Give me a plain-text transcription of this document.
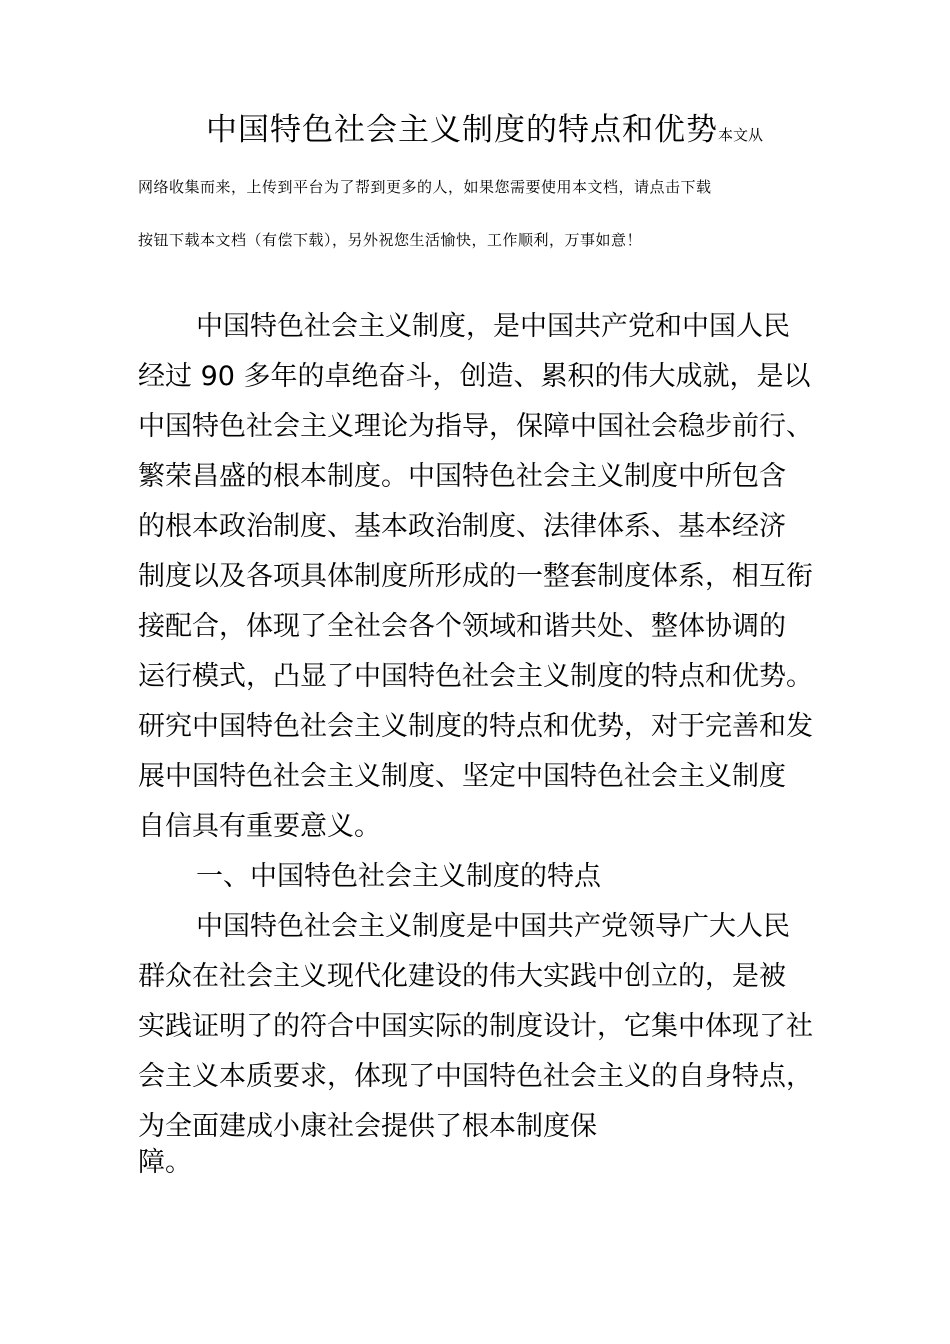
中国特色社会主义制度的特点和优势本文从
网络收集而来，上传到平台为了帮到更多的人，如果您需要使用本文档，请点击下载
按钮下载本文档（有偿下载），另外祝您生活愉快，工作顺利，万事如意！
中国特色社会主义制度，是中国共产党和中国人民
经过 90 多年的卓绝奋斗，创造、累积的伟大成就，是以
中国特色社会主义理论为指导，保障中国社会稳步前行、
繁荣昌盛的根本制度。中国特色社会主义制度中所包含
的根本政治制度、基本政治制度、法律体系、基本经济
制度以及各项具体制度所形成的一整套制度体系，相互衔
接配合，体现了全社会各个领域和谐共处、整体协调的
运行模式，凸显了中国特色社会主义制度的特点和优势。
研究中国特色社会主义制度的特点和优势，对于完善和发
展中国特色社会主义制度、坚定中国特色社会主义制度
自信具有重要意义。
一、中国特色社会主义制度的特点
中国特色社会主义制度是中国共产党领导广大人民
群众在社会主义现代化建设的伟大实践中创立的，是被
实践证明了的符合中国实际的制度设计，它集中体现了社
会主义本质要求，体现了中国特色社会主义的自身特点，
为全面建成小康社会提供了根本制度保
障。
